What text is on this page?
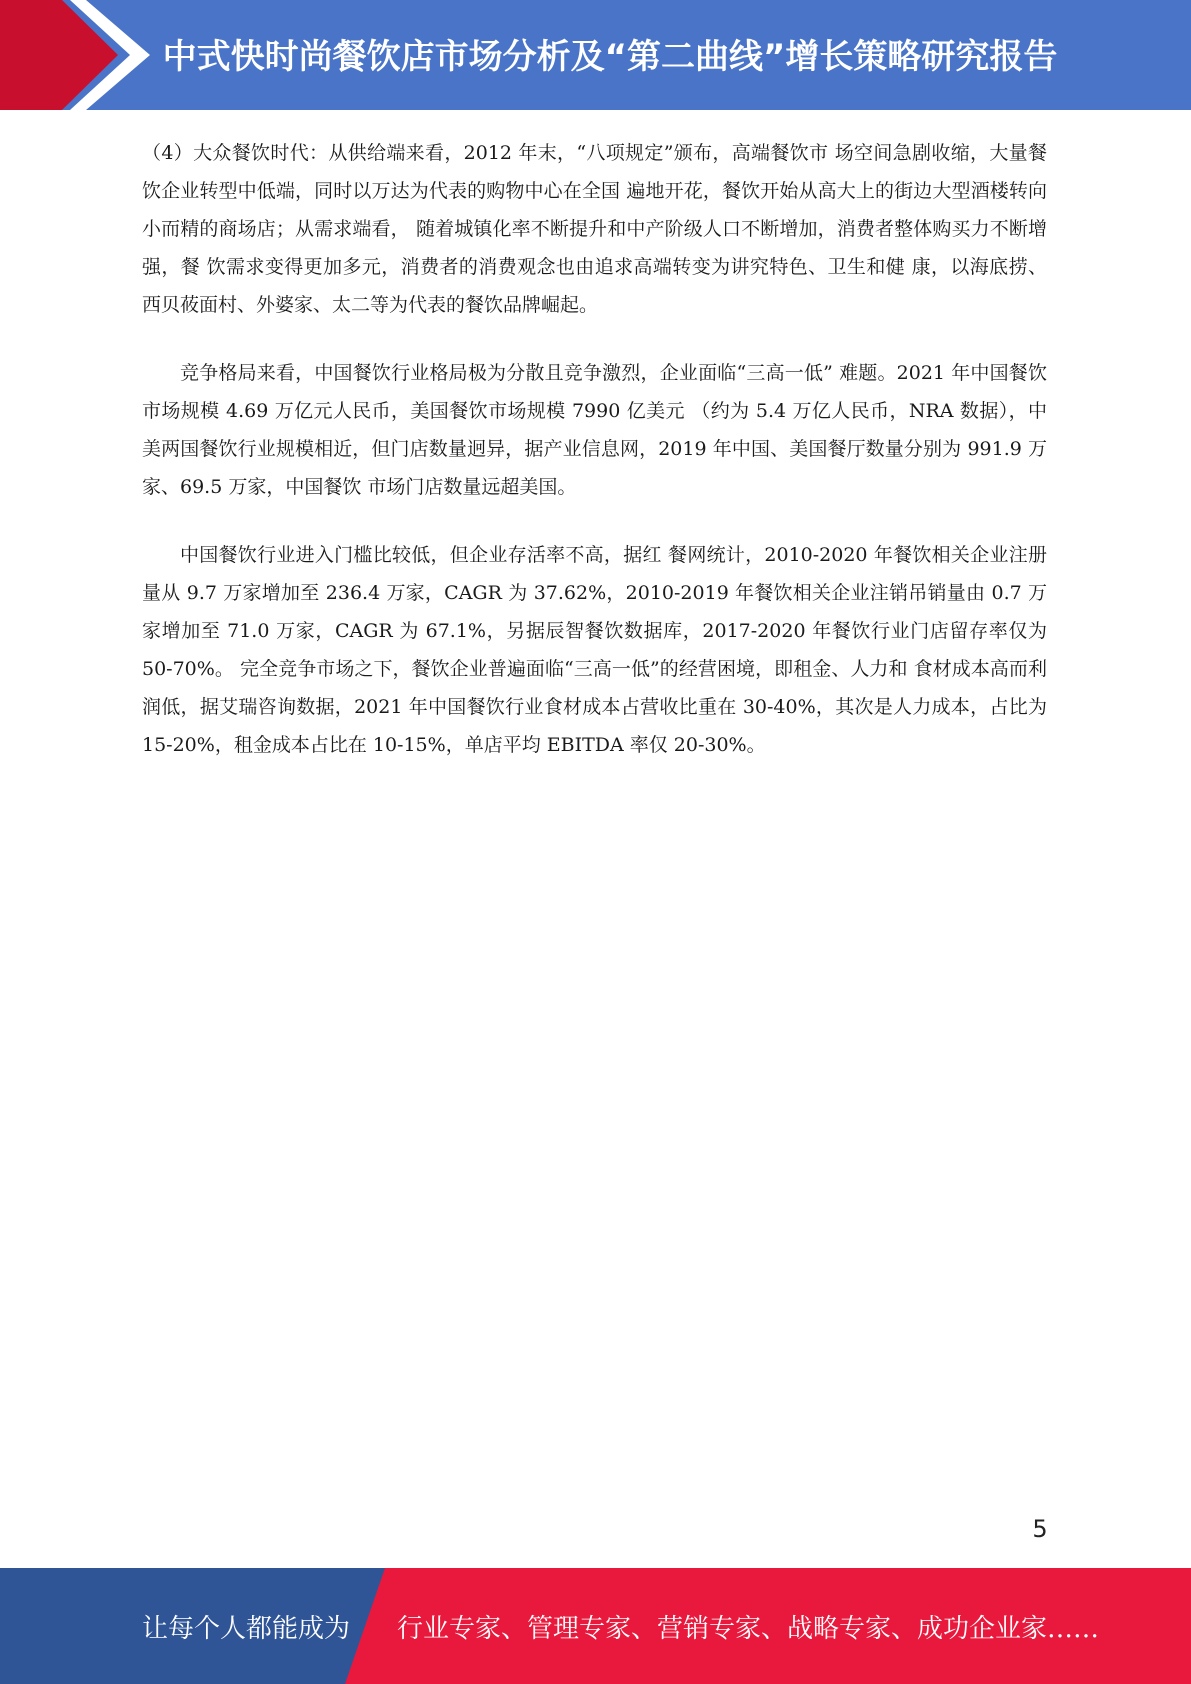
中式快时尚餐饮店市场分析及“第二曲线”增长策略研究报告

（4）大众餐饮时代：从供给端来看，2012 年末，“八项规定”颁布，高端餐饮市 场空间急剧收缩，大量餐饮企业转型中低端，同时以万达为代表的购物中心在全国 遍地开花，餐饮开始从高大上的街边大型酒楼转向小而精的商场店；从需求端看， 随着城镇化率不断提升和中产阶级人口不断增加，消费者整体购买力不断增强，餐 饮需求变得更加多元，消费者的消费观念也由追求高端转变为讲究特色、卫生和健 康，以海底捞、西贝莜面村、外婆家、太二等为代表的餐饮品牌崛起。

竞争格局来看，中国餐饮行业格局极为分散且竞争激烈，企业面临“三高一低” 难题。2021 年中国餐饮市场规模 4.69 万亿元人民币，美国餐饮市场规模 7990 亿美元 （约为 5.4 万亿人民币，NRA 数据），中美两国餐饮行业规模相近，但门店数量迥异，据产业信息网，2019 年中国、美国餐厅数量分别为 991.9 万家、69.5 万家，中国餐饮 市场门店数量远超美国。

中国餐饮行业进入门槛比较低，但企业存活率不高，据红 餐网统计，2010-2020 年餐饮相关企业注册量从 9.7 万家增加至 236.4 万家，CAGR 为 37.62%，2010-2019 年餐饮相关企业注销吊销量由 0.7 万家增加至 71.0 万家，CAGR 为 67.1%，另据辰智餐饮数据库，2017-2020 年餐饮行业门店留存率仅为 50-70%。 完全竞争市场之下，餐饮企业普遍面临“三高一低”的经营困境，即租金、人力和 食材成本高而利润低，据艾瑞咨询数据，2021 年中国餐饮行业食材成本占营收比重在 30-40%，其次是人力成本，占比为 15-20%，租金成本占比在 10-15%，单店平均 EBITDA 率仅 20-30%。

5
让每个人都能成为 行业专家、管理专家、营销专家、战略专家、成功企业家……
